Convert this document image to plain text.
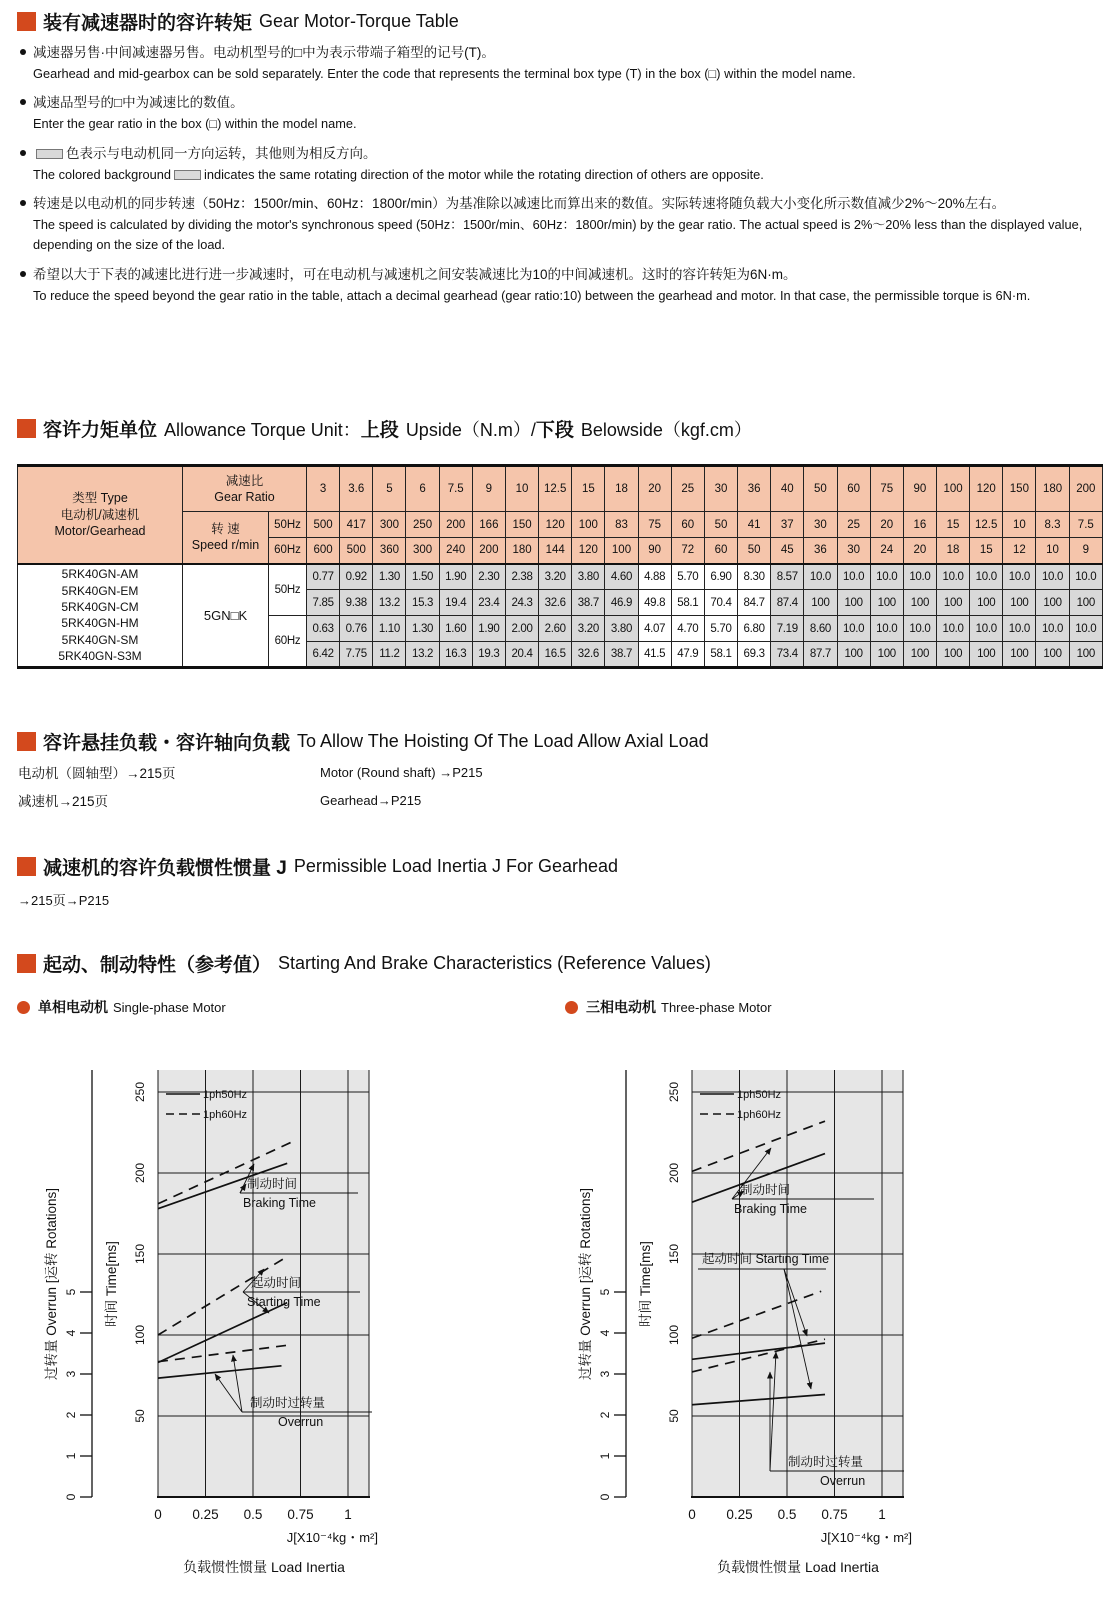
装有减速器时的容许转矩 Gear Motor-Torque Table
减速器另售·中间减速器另售。电动机型号的□中为表示带端子箱型的记号(T)。
Gearhead and mid-gearbox can be sold separately. Enter the code that represents the terminal box type (T) in the box (□) within the model name.
减速品型号的□中为减速比的数值。
Enter the gear ratio in the box (□) within the model name.
色表示与电动机同一方向运转，其他则为相反方向。
The colored background	indicates the same rotating direction of the motor while the rotating direction of others are opposite.
转速是以电动机的同步转速（50Hz：1500r/min、60Hz：1800r/min）为基准除以减速比而算出来的数值。实际转速将随负载大小变化所示数值减少2%～20%左右。
The speed is calculated by dividing the motor's synchronous speed (50Hz：1500r/min、60Hz：1800r/min) by the gear ratio. The actual speed is 2%～20% less than the displayed value, depending on the size of the load.
希望以大于下表的减速比进行进一步减速时，可在电动机与减速机之间安装减速比为10的中间减速机。这时的容许转矩为6N·m。
To reduce the speed beyond the gear ratio in the table, attach a decimal gearhead (gear ratio:10) between the gearhead and motor. In that case, the permissible torque is 6N·m.
容许力矩单位 Allowance Torque Unit： 上段 Upside（N.m）/ 下段 Belowside（kgf.cm）
类型 Type
电动机/减速机
Motor/Gearhead	减速比
Gear Ratio		3	3.6	5	6	7.5	9	10	12.5	15	18	20	25	30	36	40	50	60	75	90	100	120	150	180	200
	转 速
Speed r/min	50Hz	500	417	300	250	200	166	150	120	100	83	75	60	50	41	37	30	25	20	16	15	12.5	10	8.3	7.5
		60Hz	600	500	360	300	240	200	180	144	120	100	90	72	60	50	45	36	30	24	20	18	15	12	10	9
5RK40GN-AM
5RK40GN-EM
5RK40GN-CM
5RK40GN-HM
5RK40GN-SM
5RK40GN-S3M	5GN□K	50Hz	0.77	0.92	1.30	1.50	1.90	2.30	2.38	3.20	3.80	4.60	4.88	5.70	6.90	8.30	8.57	10.0	10.0	10.0	10.0	10.0	10.0	10.0	10.0	10.0
			7.85	9.38	13.2	15.3	19.4	23.4	24.3	32.6	38.7	46.9	49.8	58.1	70.4	84.7	87.4	100	100	100	100	100	100	100	100	100
		60Hz	0.63	0.76	1.10	1.30	1.60	1.90	2.00	2.60	3.20	3.80	4.07	4.70	5.70	6.80	7.19	8.60	10.0	10.0	10.0	10.0	10.0	10.0	10.0	10.0
			6.42	7.75	11.2	13.2	16.3	19.3	20.4	16.5	32.6	38.7	41.5	47.9	58.1	69.3	73.4	87.7	100	100	100	100	100	100	100	100
容许悬挂负载・容许轴向负载 To Allow The Hoisting Of The Load Allow Axial Load
电动机（圆轴型）→215页	Motor (Round shaft) →P215
减速机→215页	Gearhead→P215
减速机的容许负载惯性惯量 J Permissible Load Inertia J For Gearhead
→215页→P215
起动、制动特性（参考值） Starting And Brake Characteristics (Reference Values)
单相电动机 Single-phase Motor	三相电动机 Three-phase Motor
0
1
2
3
4
5
50
100
150
200
250
时间 Time[ms]
过转量 Overrun [运转 Rotations]
0 0.25 0.5 0.75 1
J[X10⁻⁴kg・m²]
负载惯性惯量 Load Inertia
1ph50Hz
1ph60Hz
制动时间
Braking Time
起动时间
Starting Time
制动时过转量
Overrun
0
1
2
3
4
5
50
100
150
200
250
时间 Time[ms]
过转量 Overrun [运转 Rotations]
0 0.25 0.5 0.75 1
J[X10⁻⁴kg・m²]
负载惯性惯量 Load Inertia
1ph50Hz
1ph60Hz
制动时间
Braking Time
起动时间 Starting Time
制动时过转量
Overrun
